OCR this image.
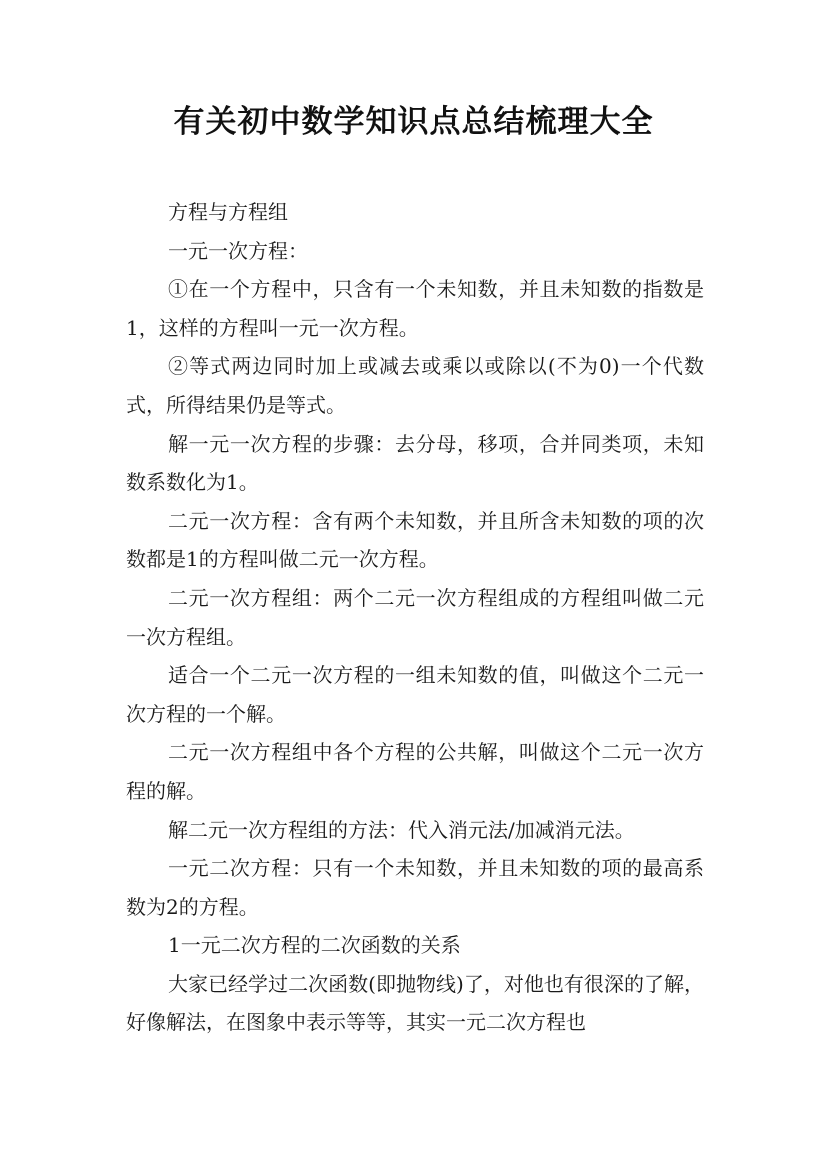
有关初中数学知识点总结梳理大全

方程与方程组

一元一次方程：

①在一个方程中，只含有一个未知数，并且未知数的指数是1，这样的方程叫一元一次方程。

②等式两边同时加上或减去或乘以或除以(不为0)一个代数式，所得结果仍是等式。

解一元一次方程的步骤：去分母，移项，合并同类项，未知数系数化为1。

二元一次方程：含有两个未知数，并且所含未知数的项的次数都是1的方程叫做二元一次方程。

二元一次方程组：两个二元一次方程组成的方程组叫做二元一次方程组。

适合一个二元一次方程的一组未知数的值，叫做这个二元一次方程的一个解。

二元一次方程组中各个方程的公共解，叫做这个二元一次方程的解。

解二元一次方程组的方法：代入消元法/加减消元法。

一元二次方程：只有一个未知数，并且未知数的项的最高系数为2的方程。

1一元二次方程的二次函数的关系

大家已经学过二次函数(即抛物线)了，对他也有很深的了解，好像解法，在图象中表示等等，其实一元二次方程也
